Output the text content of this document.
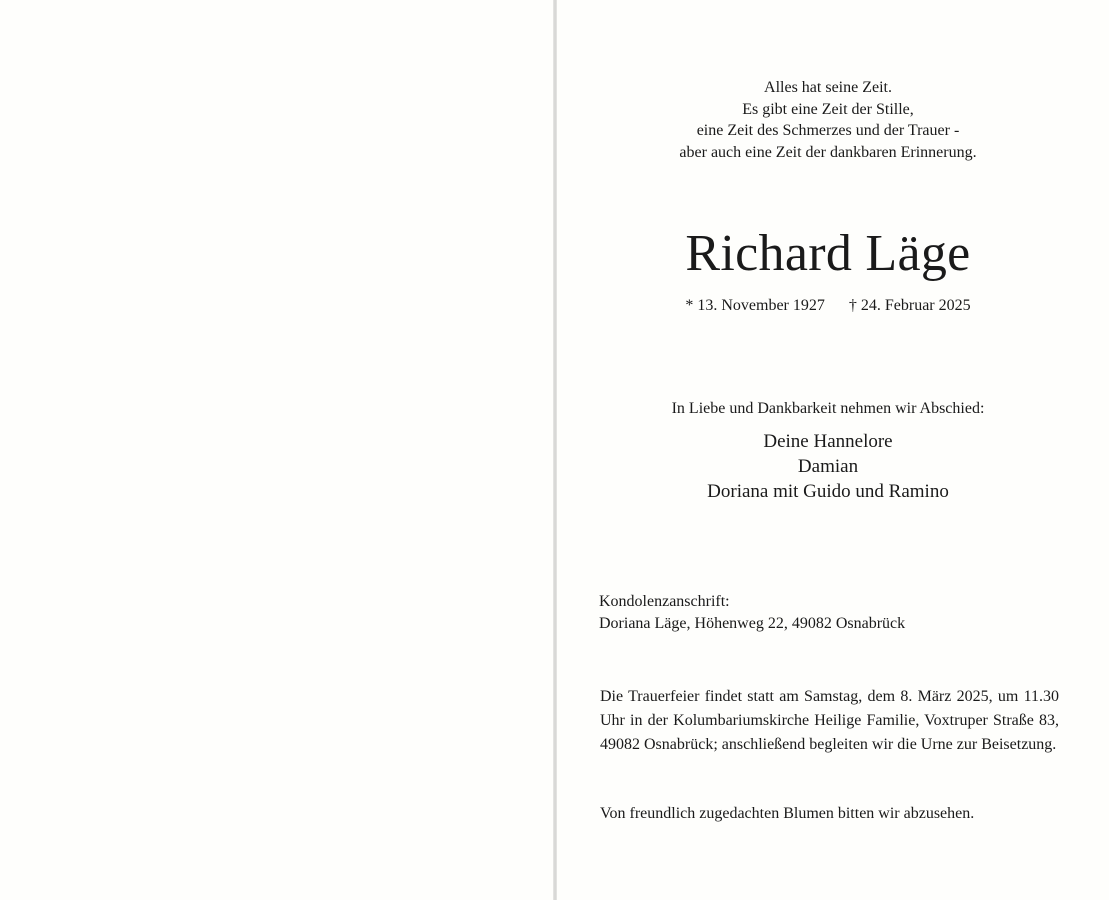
Alles hat seine Zeit.
Es gibt eine Zeit der Stille,
eine Zeit des Schmerzes und der Trauer -
aber auch eine Zeit der dankbaren Erinnerung.
Richard Läge
* 13. November 1927 † 24. Februar 2025
In Liebe und Dankbarkeit nehmen wir Abschied:
Deine Hannelore
Damian
Doriana mit Guido und Ramino
Kondolenzanschrift:
Doriana Läge, Höhenweg 22, 49082 Osnabrück
Die Trauerfeier findet statt am Samstag, dem 8. März 2025, um 11.30 Uhr in der Kolumbariumskirche Heilige Familie, Voxtruper Straße 83, 49082 Osnabrück; anschließend begleiten wir die Urne zur Beisetzung.
Von freundlich zugedachten Blumen bitten wir abzusehen.
